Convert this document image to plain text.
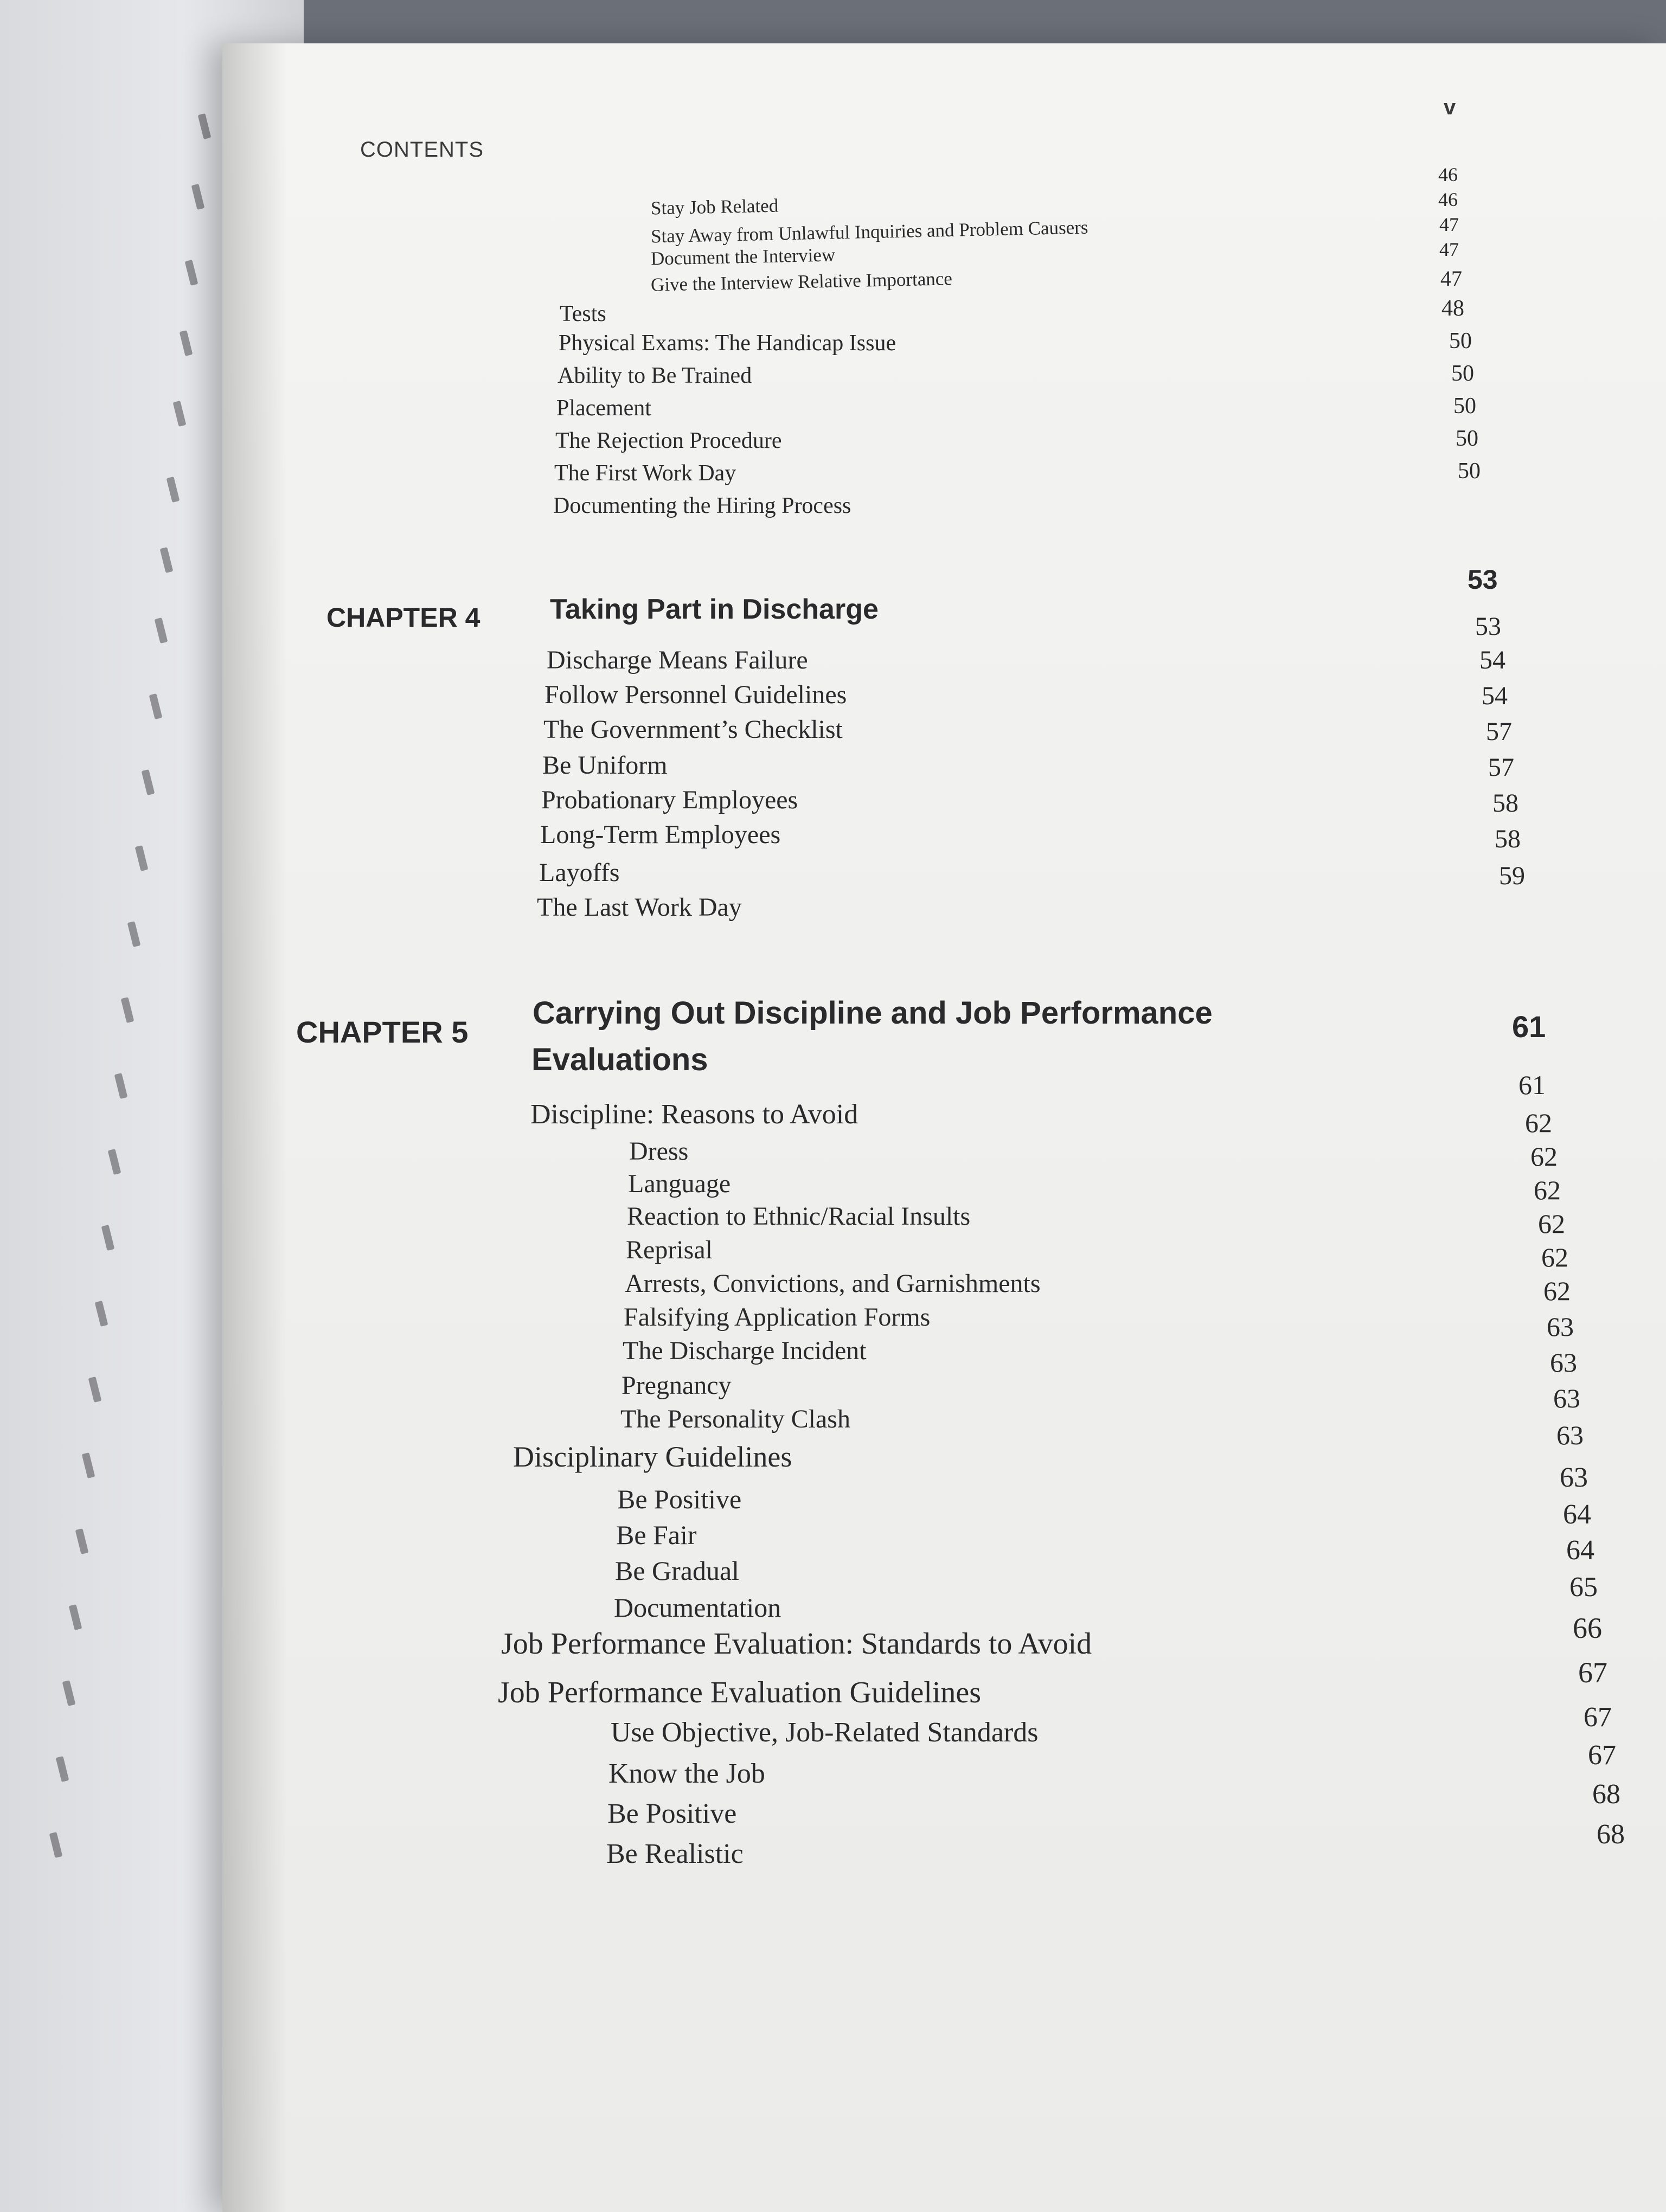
v
CONTENTS
Stay Job Related
Stay Away from Unlawful Inquiries and Problem Causers
Document the Interview
Give the Interview Relative Importance
Tests
Physical Exams: The Handicap Issue
Ability to Be Trained
Placement
The Rejection Procedure
The First Work Day
Documenting the Hiring Process
46
46
47
47
47
48
50
50
50
50
50
CHAPTER 4 Taking Part in Discharge
53
Discharge Means Failure
Follow Personnel Guidelines
The Government’s Checklist
Be Uniform
Probationary Employees
Long-Term Employees
Layoffs
The Last Work Day
53
54
54
57
57
58
58
59
CHAPTER 5
Carrying Out Discipline and Job Performance
Evaluations
61
Discipline: Reasons to Avoid
Dress
Language
Reaction to Ethnic/Racial Insults
Reprisal
Arrests, Convictions, and Garnishments
Falsifying Application Forms
The Discharge Incident
Pregnancy
The Personality Clash
Disciplinary Guidelines
Be Positive
Be Fair
Be Gradual
Documentation
Job Performance Evaluation: Standards to Avoid
Job Performance Evaluation Guidelines
Use Objective, Job-Related Standards
Know the Job
Be Positive
Be Realistic
61
62
62
62
62
62
62
63
63
63
63
63
64
64
65
66
67
67
67
68
68
